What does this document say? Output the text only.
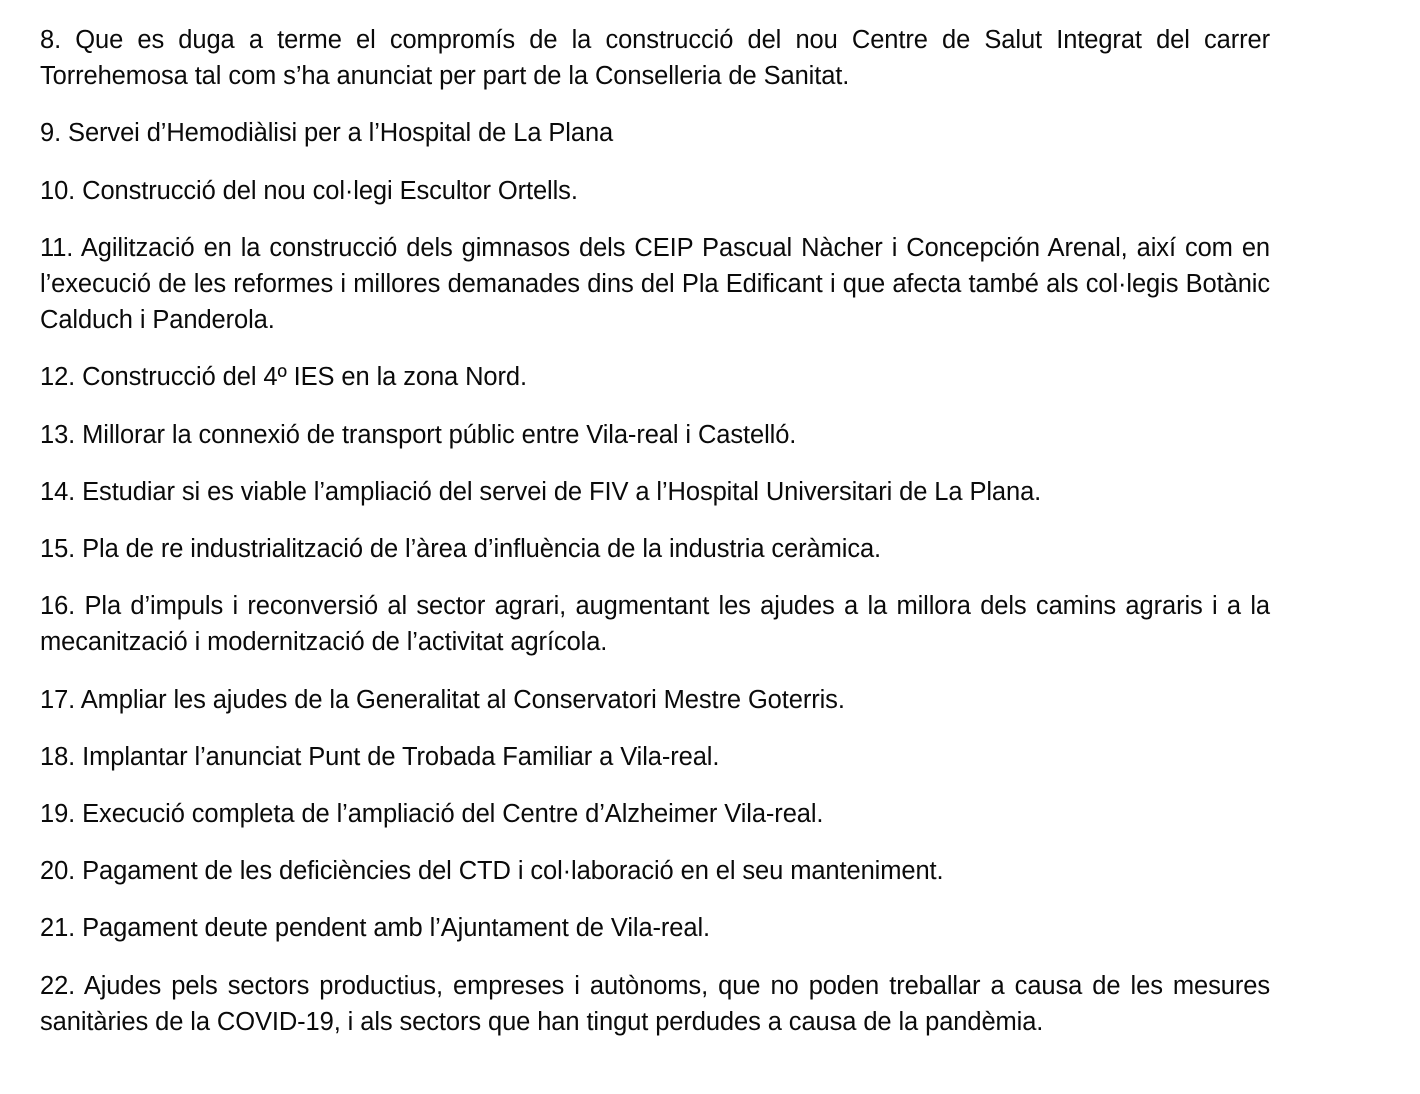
8. Que es duga a terme el compromís de la construcció del nou Centre de Salut Integrat del carrer Torrehemosa tal com s’ha anunciat per part de la Conselleria de Sanitat.

9. Servei d’Hemodiàlisi per a l’Hospital de La Plana

10. Construcció del nou col·legi Escultor Ortells.

11. Agilització en la construcció dels gimnasos dels CEIP Pascual Nàcher i Concepción Arenal, així com en l’execució de les reformes i millores demanades dins del Pla Edificant i que afecta també als col·legis Botànic Calduch i Panderola.

12. Construcció del 4º IES en la zona Nord.

13. Millorar la connexió de transport públic entre Vila-real i Castelló.

14. Estudiar si es viable l’ampliació del servei de FIV a l’Hospital Universitari de La Plana.

15. Pla de re industrialització de l’àrea d’influència de la industria ceràmica.

16. Pla d’impuls i reconversió al sector agrari, augmentant les ajudes a la millora dels camins agraris i a la mecanització i modernització de l’activitat agrícola.

17. Ampliar les ajudes de la Generalitat al Conservatori Mestre Goterris.

18. Implantar l’anunciat Punt de Trobada Familiar a Vila-real.

19. Execució completa de l’ampliació del Centre d’Alzheimer Vila-real.

20. Pagament de les deficiències del CTD i col·laboració en el seu manteniment.

21. Pagament deute pendent amb l’Ajuntament de Vila-real.

22. Ajudes pels sectors productius, empreses i autònoms, que no poden treballar a causa de les mesures sanitàries de la COVID-19, i als sectors que han tingut perdudes a causa de la pandèmia.
